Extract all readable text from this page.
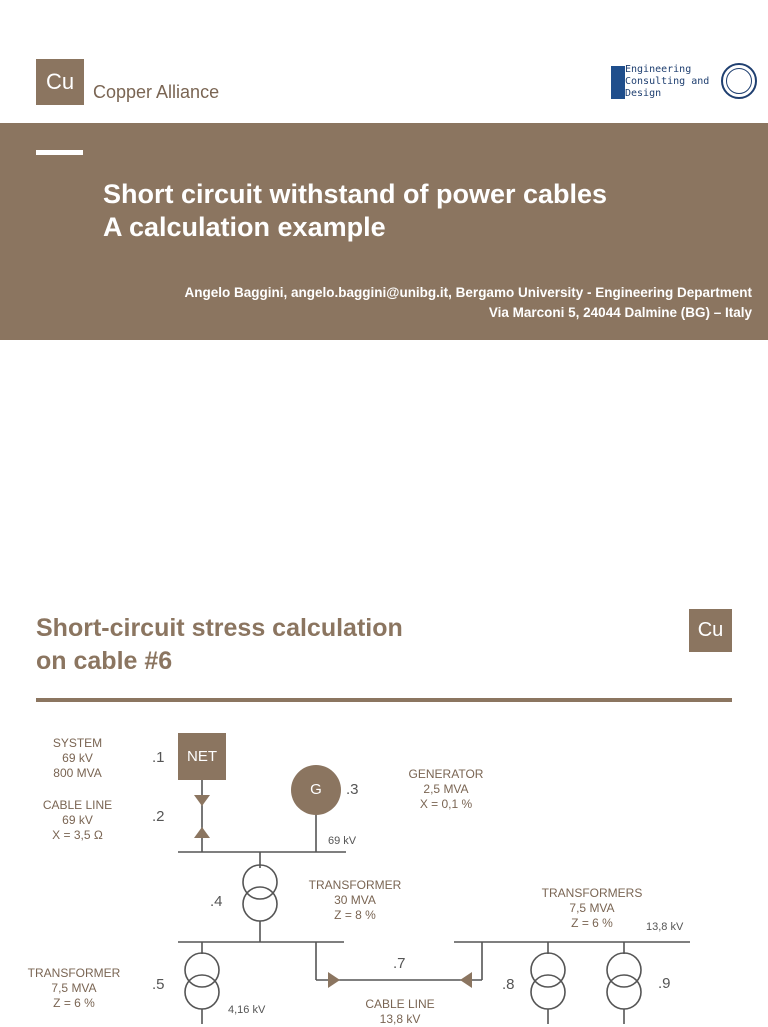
Cu	Copper Alliance
Engineering
Consulting and
Design
Short circuit withstand of power cables
A calculation example
Angelo Baggini, angelo.baggini@unibg.it, Bergamo University - Engineering Department
Via Marconi 5, 24044 Dalmine (BG) – Italy
Short-circuit stress calculation
on cable #6
Cu
NET
G
SYSTEM
69 kV
800 MVA
CABLE LINE
69 kV
X = 3,5 Ω
GENERATOR
2,5 MVA
X = 0,1 %
TRANSFORMER
30 MVA
Z = 8 %
TRANSFORMERS
7,5 MVA
Z = 6 %
TRANSFORMER
7,5 MVA
Z = 6 %	CABLE LINE
13,8 kV
.1
.2
.3
.4
.5
.7
.8	.9
69 kV
13,8 kV
4,16 kV
